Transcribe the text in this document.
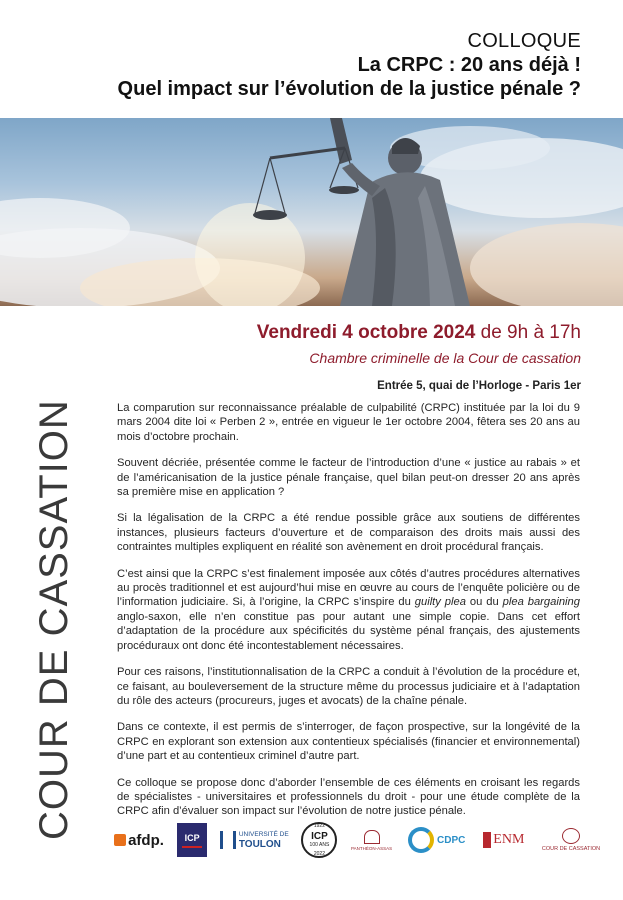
COLLOQUE
La CRPC : 20 ans déjà !
Quel impact sur l’évolution de la justice pénale ?
COUR DE CASSATION
Vendredi 4 octobre 2024 de 9h à 17h
Chambre criminelle de la Cour de cassation
Entrée 5, quai de l’Horloge - Paris 1er

La comparution sur reconnaissance préalable de culpabilité (CRPC) instituée par la loi du 9 mars 2004 dite loi « Perben 2 », entrée en vigueur le 1er octobre 2004, fêtera ses 20 ans au mois d’octobre prochain.

Souvent décriée, présentée comme le facteur de l’introduction d’une « justice au rabais » et de l’américanisation de la justice pénale française, quel bilan peut-on dresser 20 ans après sa première mise en application ?

Si la légalisation de la CRPC a été rendue possible grâce aux soutiens de différentes instances, plusieurs facteurs d’ouverture et de comparaison des droits mais aussi des contraintes multiples expliquent en réalité son avènement en droit procédural français.

C’est ainsi que la CRPC s’est finalement imposée aux côtés d’autres procédures alternatives au procès traditionnel et est aujourd’hui mise en œuvre au cours de l’enquête policière ou de l’information judiciaire. Si, à l’origine, la CRPC s’inspire du guilty plea ou du plea bargaining anglo-saxon, elle n’en constitue pas pour autant une simple copie. Dans cet effort d’adaptation de la procédure aux spécificités du système pénal français, des ajustements procéduraux ont donc été incontestablement nécessaires.

Pour ces raisons, l’institutionnalisation de la CRPC a conduit à l’évolution de la procédure et, ce faisant, au bouleversement de la structure même du processus judiciaire et à l’adaptation du rôle des acteurs (procureurs, juges et avocats) de la chaîne pénale.

Dans ce contexte, il est permis de s’interroger, de façon prospective, sur la longévité de la CRPC en explorant son extension aux contentieux spécialisés (financier et environnemental) d’une part et au contentieux criminel d’autre part.

Ce colloque se propose donc d’aborder l’ensemble de ces éléments en croisant les regards de spécialistes - universitaires et professionnels du droit - pour une étude complète de la CRPC afin d’évaluer son impact sur l’évolution de notre justice pénale.

afdp. ICP	UNIVERSITÉ DE
TOULON
1922
ICP
100 ANS
2022
PANTHÉON-ASSAS
CDPC ENM
COUR DE CASSATION
